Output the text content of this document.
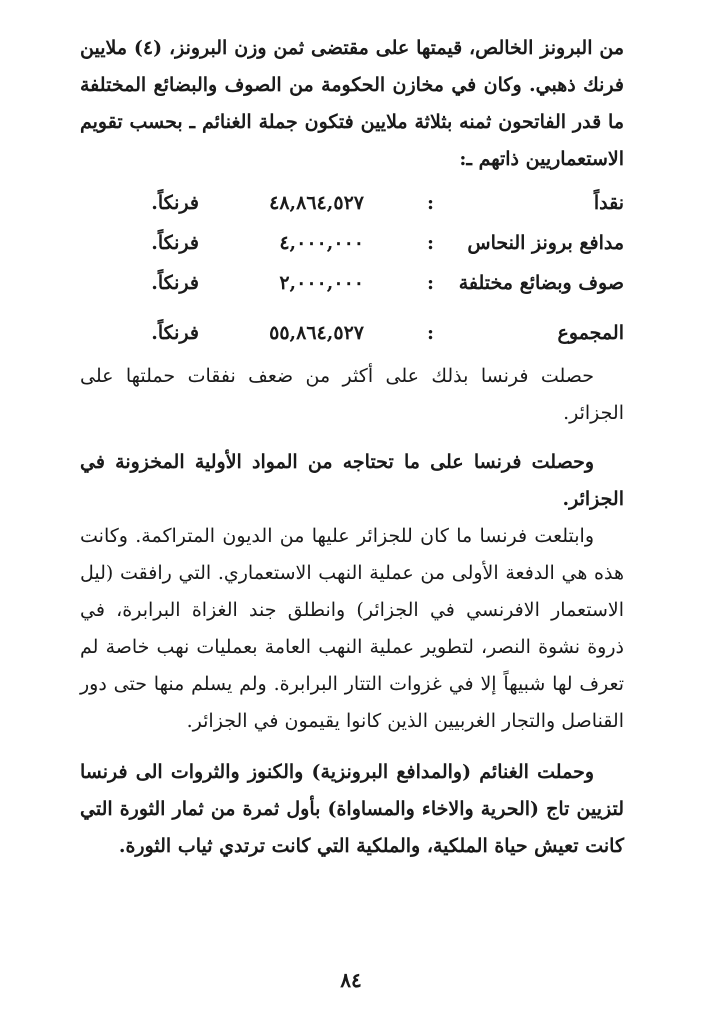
من البرونز الخالص، قيمتها على مقتضى ثمن وزن البرونز، (٤) ملايين فرنك ذهبي. وكان في مخازن الحكومة من الصوف والبضائع المختلفة ما قدر الفاتحون ثمنه بثلاثة ملايين فتكون جملة الغنائم ـ بحسب تقويم الاستعماريين ذاتهم ـ:

نقداً
:
٤٨,٨٦٤,٥٢٧
فرنكاً.
مدافع برونز النحاس
:
٤,٠٠٠,٠٠٠
فرنكاً.
صوف وبضائع مختلفة
:
٢,٠٠٠,٠٠٠
فرنكاً.
المجموع
:
٥٥,٨٦٤,٥٢٧
فرنكاً.

حصلت فرنسا بذلك على أكثر من ضعف نفقات حملتها على الجزائر.

وحصلت فرنسا على ما تحتاجه من المواد الأولية المخزونة في الجزائر.

وابتلعت فرنسا ما كان للجزائر عليها من الديون المتراكمة. وكانت هذه هي الدفعة الأولى من عملية النهب الاستعماري. التي رافقت (ليل الاستعمار الافرنسي في الجزائر) وانطلق جند الغزاة البرابرة، في ذروة نشوة النصر، لتطوير عملية النهب العامة بعمليات نهب خاصة لم تعرف لها شبيهاً إلا في غزوات التتار البرابرة. ولم يسلم منها حتى دور القناصل والتجار الغربيين الذين كانوا يقيمون في الجزائر.

وحملت الغنائم (والمدافع البرونزية) والكنوز والثروات الى فرنسا لتزيين تاج (الحرية والاخاء والمساواة) بأول ثمرة من ثمار الثورة التي كانت تعيش حياة الملكية، والملكية التي كانت ترتدي ثياب الثورة.

٨٤
